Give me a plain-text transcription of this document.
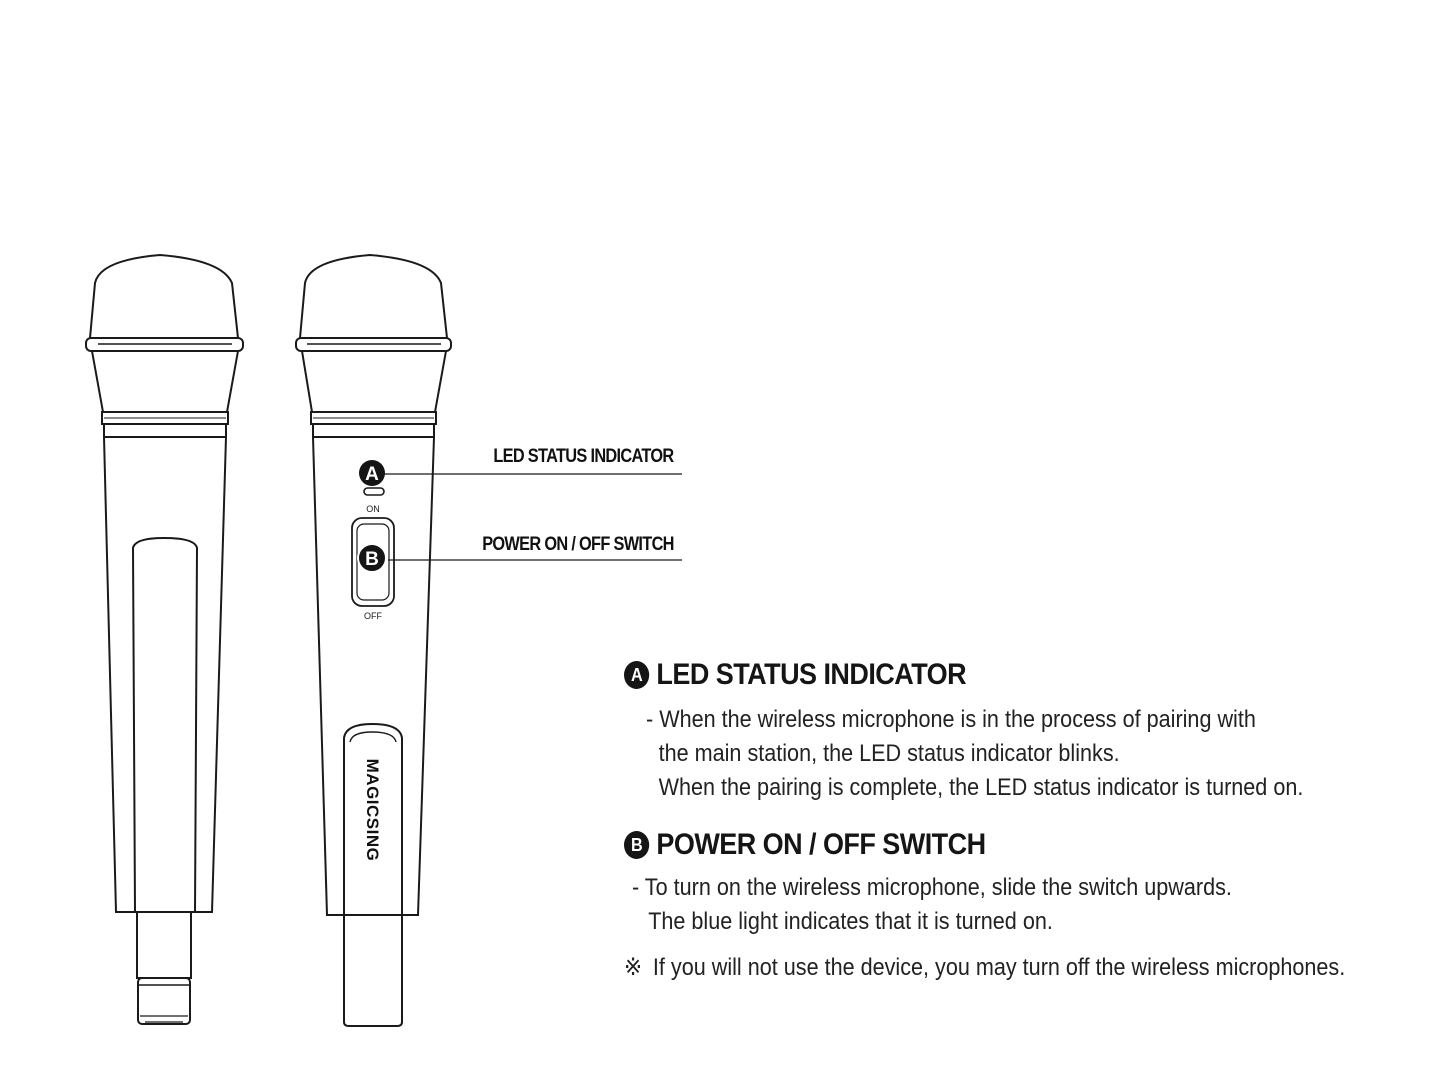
A
B
ON
OFF
MAGICSING
LED STATUS INDICATOR
POWER ON / OFF SWITCH
A LED STATUS INDICATOR
- When the wireless microphone is in the process of pairing with
the main station, the LED status indicator blinks.
When the pairing is complete, the LED status indicator is turned on.
B POWER ON / OFF SWITCH
- To turn on the wireless microphone, slide the switch upwards.
The blue light indicates that it is turned on.
※ If you will not use the device, you may turn off the wireless microphones.
